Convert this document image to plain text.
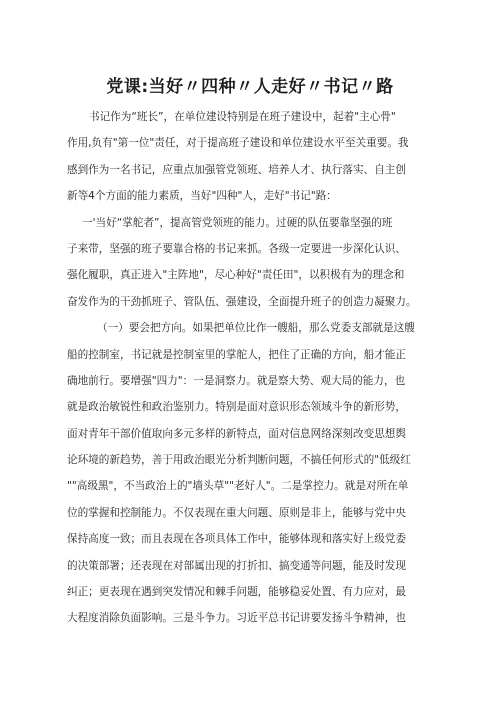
党课:当好〃四种〃人走好〃书记〃路
书记作为“班长”，在单位建设特别是在班子建设中，起着"主心骨"
作用,负有"第一位"责任，对于提高班子建设和单位建设水平至关重要。我
感到作为一名书记，应重点加强管党领班、培养人才、执行落实、自主创
新等4个方面的能力素质，当好"四种"人，走好"书记"路：
一'当好“掌舵者”，提高管党领班的能力。过硬的队伍要靠坚强的班
子来带，坚强的班子要靠合格的书记来抓。各级一定要进一步深化认识、
强化履职，真正进入"主阵地"，尽心种好"责任田"，以积极有为的理念和
奋发作为的干劲抓班子、管队伍、强建设，全面提升班子的创造力凝聚力。
（一）要会把方向。如果把单位比作一艘船，那么党委支部就是这艘
船的控制室，书记就是控制室里的掌舵人，把住了正确的方向，船才能正
确地前行。要增强"四力"：一是洞察力。就是察大势、观大局的能力，也
就是政治敏锐性和政治鉴别力。特别是面对意识形态领域斗争的新形势，
面对青年干部价值取向多元多样的新特点，面对信息网络深刻改变思想舆
论环境的新趋势，善于用政治眼光分析判断问题，不搞任何形式的"低级红
""高级黑"，不当政治上的"墙头草""老好人"。二是掌控力。就是对所在单
位的掌握和控制能力。不仅表现在重大问题、原则是非上，能够与党中央
保持高度一致；而且表现在各项具体工作中，能够体现和落实好上级党委
的决策部署；还表现在对部属出现的打折扣、搞变通等问题，能及时发现
纠正；更表现在遇到突发情况和棘手问题，能够稳妥处置、有力应对，最
大程度消除负面影响。三是斗争力。习近平总书记讲要发扬斗争精神，也
